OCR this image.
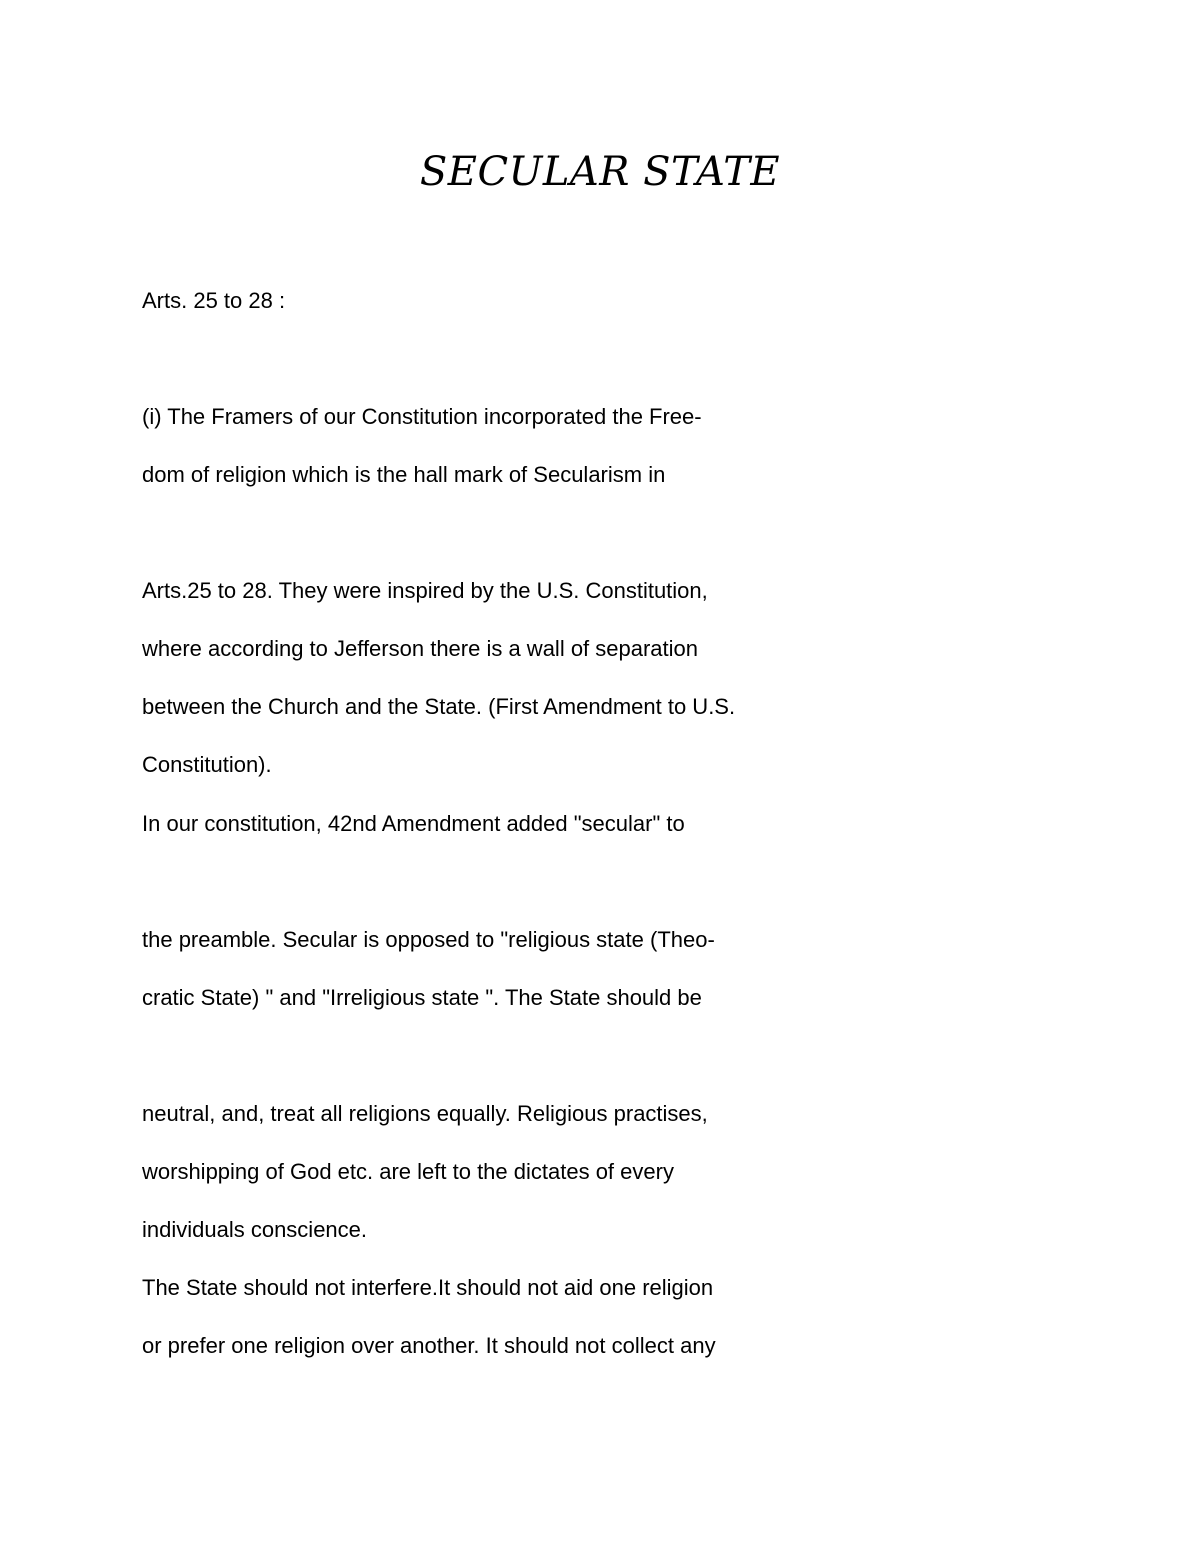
SECULAR STATE
Arts. 25 to 28 :
(i) The Framers of our Constitution incorporated the Free-
dom of religion which is the hall mark of Secularism in
Arts.25 to 28. They were inspired by the U.S. Constitution,
where according to Jefferson there is a wall of separation
between the Church and the State. (First Amendment to U.S.
Constitution).
In our constitution, 42nd Amendment added "secular" to
the preamble. Secular is opposed to "religious state (Theo-
cratic State) " and "Irreligious state ". The State should be
neutral, and, treat all religions equally. Religious practises,
worshipping of God etc. are left to the dictates of every
individuals conscience.
The State should not interfere.It should not aid one religion
or prefer one religion over another. It should not collect any
